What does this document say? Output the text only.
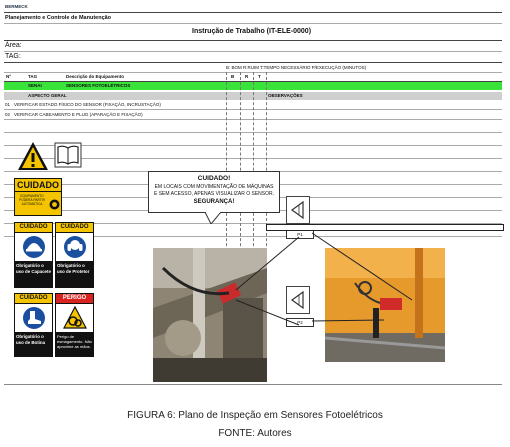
BERMECK
Planejamento e Controle de Manutenção
Instrução de Trabalho (IT-ELE-0000)
Área:
TAG:
B: BOM R:RUIM T:TEMPO NECESSÁRIO P/EXECUÇÃO (MINUTOS)
Nº	TAG	Descrição do Equipamento	B R T
SENAI	SENSORES FOTOELÉTRICOS
ASPECTO GERAL	OBSERVAÇÕES
01 VERIFICAR ESTADO FÍSICO DO SENSOR (FIXAÇÃO, INCRUSTAÇÃO)
02 VERIFICAR CABEAMENTO E PLUG (APARAÇÃO E FIXAÇÃO)
CUIDADO
EQUIPAMENTO PODERÁ PARTIR AUTOMÁTICA
CUIDADO
Obrigatório o uso de Capacete
CUIDADO
Obrigatório o uso de Protetor
CUIDADO
Obrigatório o uso de Botina
PERIGO
Perigo de esmagamento. Não aproxime as mãos.
CUIDADO!
EM LOCAIS COM MOVIMENTAÇÃO DE MÁQUINAS
E SEM ACESSO, APENAS VISUALIZAR O SENSOR.
SEGURANÇA!
P1
P2
FIGURA 6: Plano de Inspeção em Sensores Fotoelétricos
FONTE: Autores
